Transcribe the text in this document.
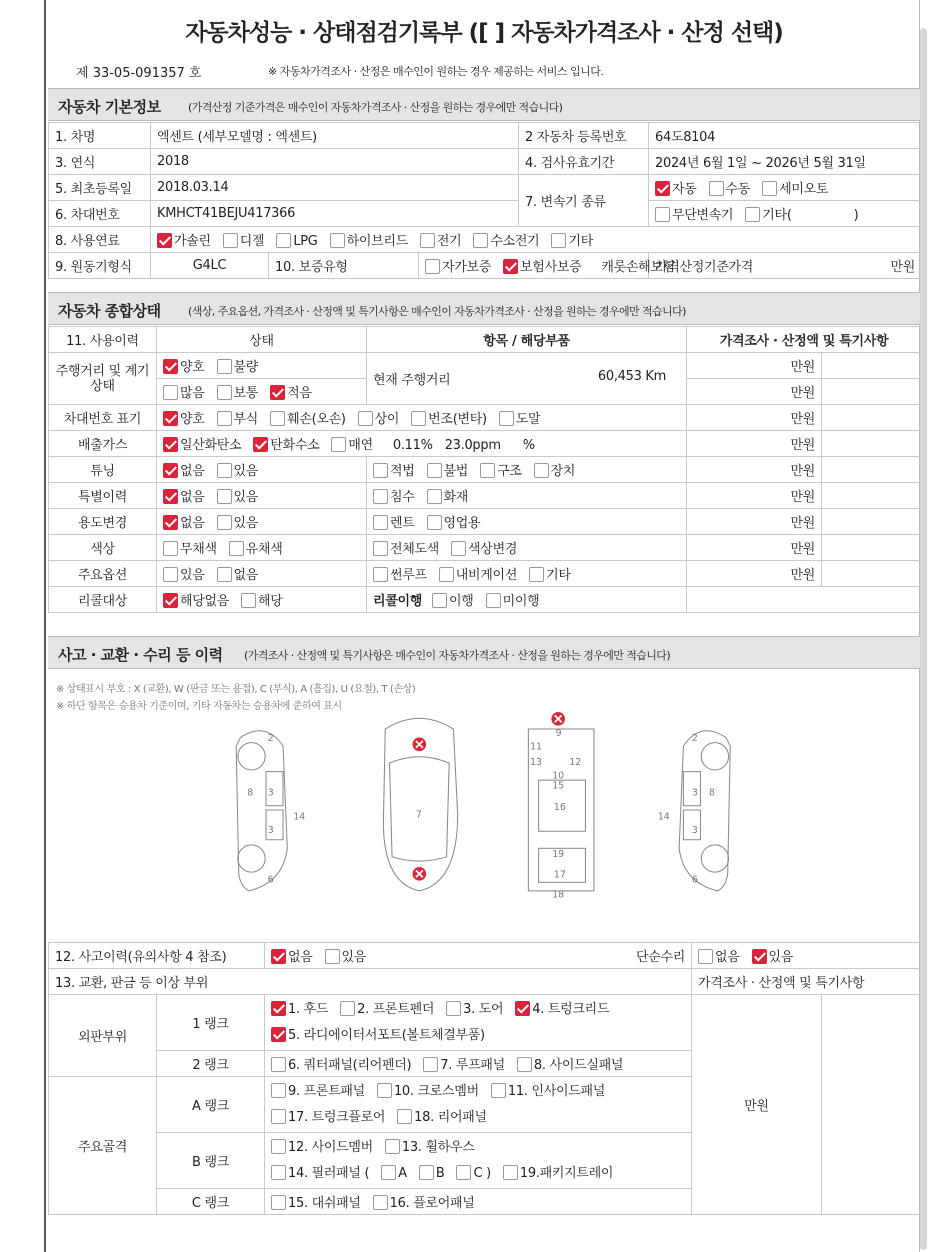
자동차성능 · 상태점검기록부 ([ ] 자동차가격조사 · 산정 선택)
제 33-05-091357 호	※ 자동차가격조사 · 산정은 매수인이 원하는 경우 제공하는 서비스 입니다.
자동차 기본정보 (가격산정 기준가격은 매수인이 자동차가격조사 · 산정을 원하는 경우에만 적습니다)
1. 차명	엑센트 (세부모델명 : 엑센트)			2 자동차 등록번호	64도8104
3. 연식	2018			4. 검사유효기간	2024년 6월 1일 ~ 2026년 5월 31일
5. 최초등록일	2018.03.14			7. 변속기 종류	자동 수동 세미오토
6. 차대번호	KMHCT41BEJU417366				무단변속기 기타( )
8. 사용연료	가솔린 디젤 LPG 하이브리드 전기 수소전기 기타				
9. 원동기형식	G4LC	10. 보증유형	자가보증 보험사보증 캐롯손해보험		가격산정기준가격 만원
자동차 종합상태 (색상, 주요옵션, 가격조사 · 산정액 및 특기사항은 매수인이 자동차가격조사 · 산정을 원하는 경우에만 적습니다)
11. 사용이력	상태	항목 / 해당부품	가격조사 · 산정액 및 특기사항	
주행거리 및 계기상태	양호 불량	현재 주행거리 60,453 Km	만원	
	많음 보통 적음		만원	
차대번호 표기	양호 부식 훼손(오손) 상이 번조(변타) 도말		만원	
배출가스	일산화탄소 탄화수소 매연 0.11% 23.0ppm %		만원	
튜닝	없음 있음	적법 불법 구조 장치	만원	
특별이력	없음 있음	침수 화재	만원	
용도변경	없음 있음	렌트 영업용	만원	
색상	무채색 유채색	전체도색 색상변경	만원	
주요옵션	있음 없음	썬루프 내비게이션 기타	만원	
리콜대상	해당없음 해당	리콜이행 이행 미이행		
사고 · 교환 · 수리 등 이력 (가격조사 · 산정액 및 특기사항은 매수인이 자동차가격조사 · 산정을 원하는 경우에만 적습니다)
※ 상태표시 부호 : X (교환), W (판금 또는 용접), C (부식), A (흠집), U (요철), T (손상)
※ 하단 항목은 승용차 기준이며, 기타 자동차는 승용차에 준하여 표시
2
8 3
3
14
6
7
9
11
13 12
10
15
16
19
17
18
2
8
3
3
14
6
12. 사고이력(유의사항 4 참조)		없음 있음 단순수리	없음 있음	
13. 교환, 판금 등 이상 부위			가격조사 · 산정액 및 특기사항	
외판부위	1 랭크	1. 후드 2. 프론트펜더 3. 도어 4. 트렁크리드
5. 라디에이터서포트(볼트체결부품)	만원	
	2 랭크	6. 쿼터패널(리어펜더) 7. 루프패널 8. 사이드실패널		
주요골격	A 랭크	9. 프론트패널 10. 크로스멤버 11. 인사이드패널
17. 트렁크플로어 18. 리어패널		

	B 랭크	12. 사이드멤버 13. 휠하우스
14. 필러패널 ( A B C ) 19.패키지트레이		

	C 랭크	15. 대쉬패널 16. 플로어패널		
